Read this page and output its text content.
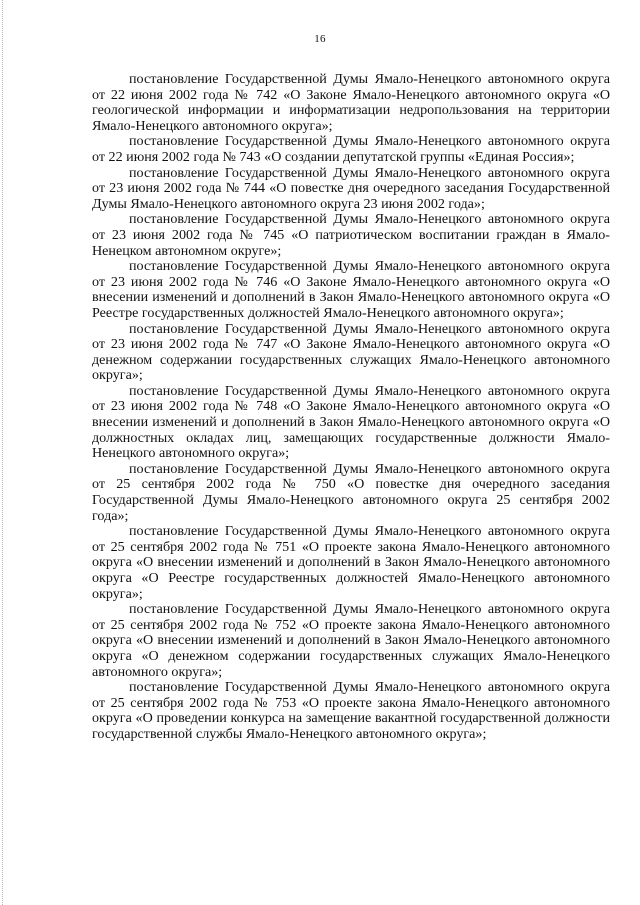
16

постановление Государственной Думы Ямало-Ненецкого автономного округа от 22 июня 2002 года № 742 «О Законе Ямало-Ненецкого автономного округа «О геологической информации и информатизации недропользования на территории Ямало-Ненецкого автономного округа»;

постановление Государственной Думы Ямало-Ненецкого автономного округа от 22 июня 2002 года № 743 «О создании депутатской группы «Единая Россия»;

постановление Государственной Думы Ямало-Ненецкого автономного округа от 23 июня 2002 года № 744 «О повестке дня очередного заседания Государственной Думы Ямало-Ненецкого автономного округа 23 июня 2002 года»;

постановление Государственной Думы Ямало-Ненецкого автономного округа от 23 июня 2002 года № 745 «О патриотическом воспитании граждан в Ямало-Ненецком автономном округе»;

постановление Государственной Думы Ямало-Ненецкого автономного округа от 23 июня 2002 года № 746 «О Законе Ямало-Ненецкого автономного округа «О внесении изменений и дополнений в Закон Ямало-Ненецкого автономного округа «О Реестре государственных должностей Ямало-Ненецкого автономного округа»;

постановление Государственной Думы Ямало-Ненецкого автономного округа от 23 июня 2002 года № 747 «О Законе Ямало-Ненецкого автономного округа «О денежном содержании государственных служащих Ямало-Ненецкого автономного округа»;

постановление Государственной Думы Ямало-Ненецкого автономного округа от 23 июня 2002 года № 748 «О Законе Ямало-Ненецкого автономного округа «О внесении изменений и дополнений в Закон Ямало-Ненецкого автономного округа «О должностных окладах лиц, замещающих государственные должности Ямало-Ненецкого автономного округа»;

постановление Государственной Думы Ямало-Ненецкого автономного округа от 25 сентября 2002 года № 750 «О повестке дня очередного заседания Государственной Думы Ямало-Ненецкого автономного округа 25 сентября 2002 года»;

постановление Государственной Думы Ямало-Ненецкого автономного округа от 25 сентября 2002 года № 751 «О проекте закона Ямало-Ненецкого автономного округа «О внесении изменений и дополнений в Закон Ямало-Ненецкого автономного округа «О Реестре государственных должностей Ямало-Ненецкого автономного округа»;

постановление Государственной Думы Ямало-Ненецкого автономного округа от 25 сентября 2002 года № 752 «О проекте закона Ямало-Ненецкого автономного округа «О внесении изменений и дополнений в Закон Ямало-Ненецкого автономного округа «О денежном содержании государственных служащих Ямало-Ненецкого автономного округа»;

постановление Государственной Думы Ямало-Ненецкого автономного округа от 25 сентября 2002 года № 753 «О проекте закона Ямало-Ненецкого автономного округа «О проведении конкурса на замещение вакантной государственной должности государственной службы Ямало-Ненецкого автономного округа»;
